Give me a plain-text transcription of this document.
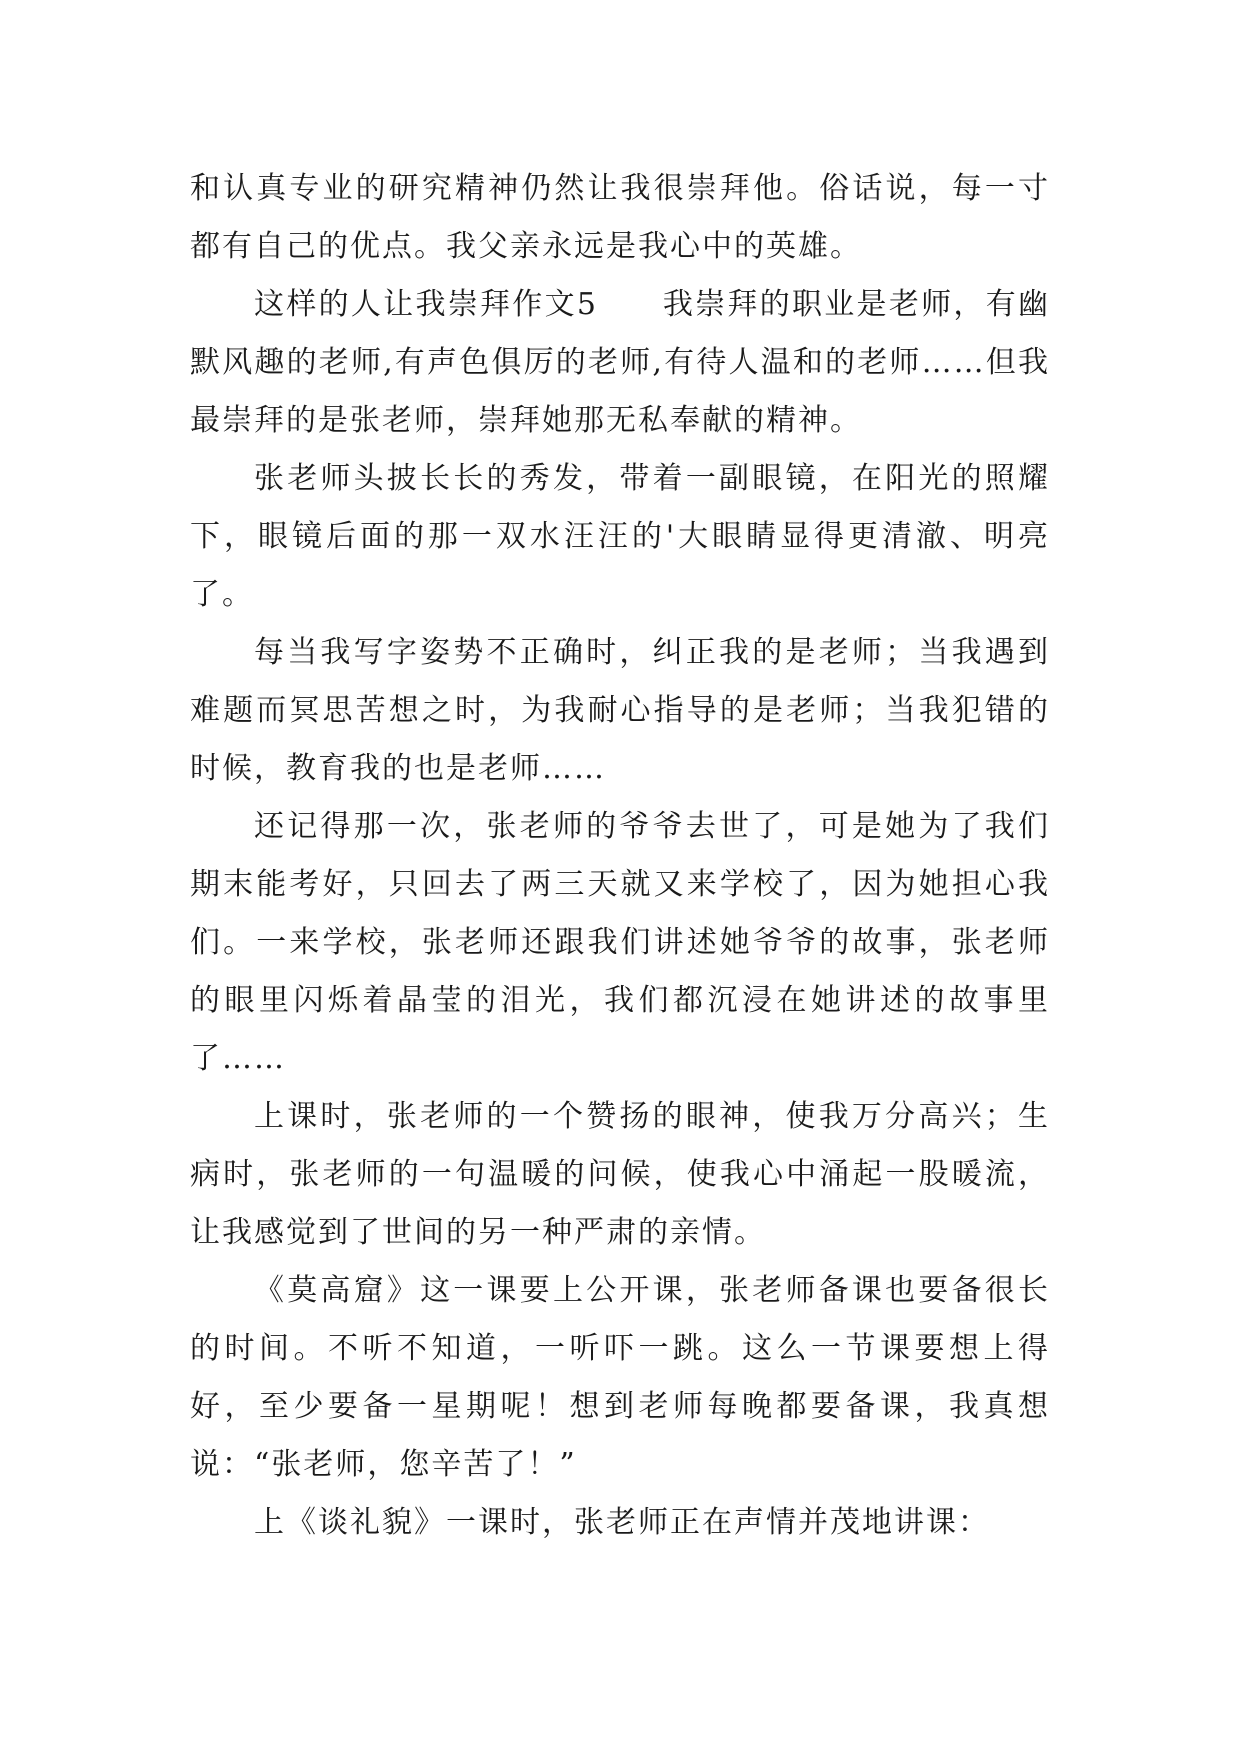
和认真专业的研究精神仍然让我很崇拜他。俗话说，每一寸都有自己的优点。我父亲永远是我心中的英雄。

这样的人让我崇拜作文5　　我崇拜的职业是老师，有幽默风趣的老师,有声色俱厉的老师,有待人温和的老师……但我最崇拜的是张老师，崇拜她那无私奉献的精神。

张老师头披长长的秀发，带着一副眼镜，在阳光的照耀下，眼镜后面的那一双水汪汪的'大眼睛显得更清澈、明亮了。

每当我写字姿势不正确时，纠正我的是老师；当我遇到难题而冥思苦想之时，为我耐心指导的是老师；当我犯错的时候，教育我的也是老师……

还记得那一次，张老师的爷爷去世了，可是她为了我们期末能考好，只回去了两三天就又来学校了，因为她担心我们。一来学校，张老师还跟我们讲述她爷爷的故事，张老师的眼里闪烁着晶莹的泪光，我们都沉浸在她讲述的故事里了……

上课时，张老师的一个赞扬的眼神，使我万分高兴；生病时，张老师的一句温暖的问候，使我心中涌起一股暖流，让我感觉到了世间的另一种严肃的亲情。

《莫高窟》这一课要上公开课，张老师备课也要备很长的时间。不听不知道，一听吓一跳。这么一节课要想上得好，至少要备一星期呢！想到老师每晚都要备课，我真想说：“张老师，您辛苦了！”

上《谈礼貌》一课时，张老师正在声情并茂地讲课：
